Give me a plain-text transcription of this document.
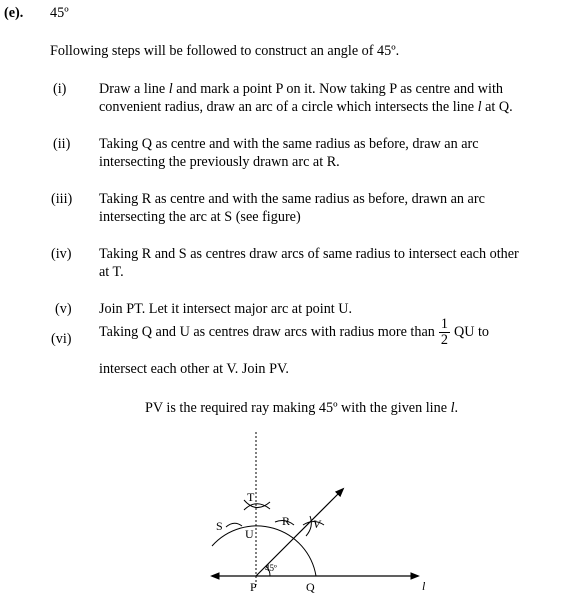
(e). 45º
Following steps will be followed to construct an angle of 45º.
(i) Draw a line l and mark a point P on it. Now taking P as centre and with
convenient radius, draw an arc of a circle which intersects the line l at Q.
(ii) Taking Q as centre and with the same radius as before, draw an arc
intersecting the previously drawn arc at R.
(iii) Taking R as centre and with the same radius as before, drawn an arc
intersecting the arc at S (see figure)
(iv) Taking R and S as centres draw arcs of same radius to intersect each other
at T.
(v) Join PT. Let it intersect major arc at point U.
(vi) Taking Q and U as centres draw arcs with radius more than $\frac{1}{2}$ QU to
intersect each other at V. Join PV.
PV is the required ray making 45º with the given line l.
T
S
U
R V
45º
P	Q	l
